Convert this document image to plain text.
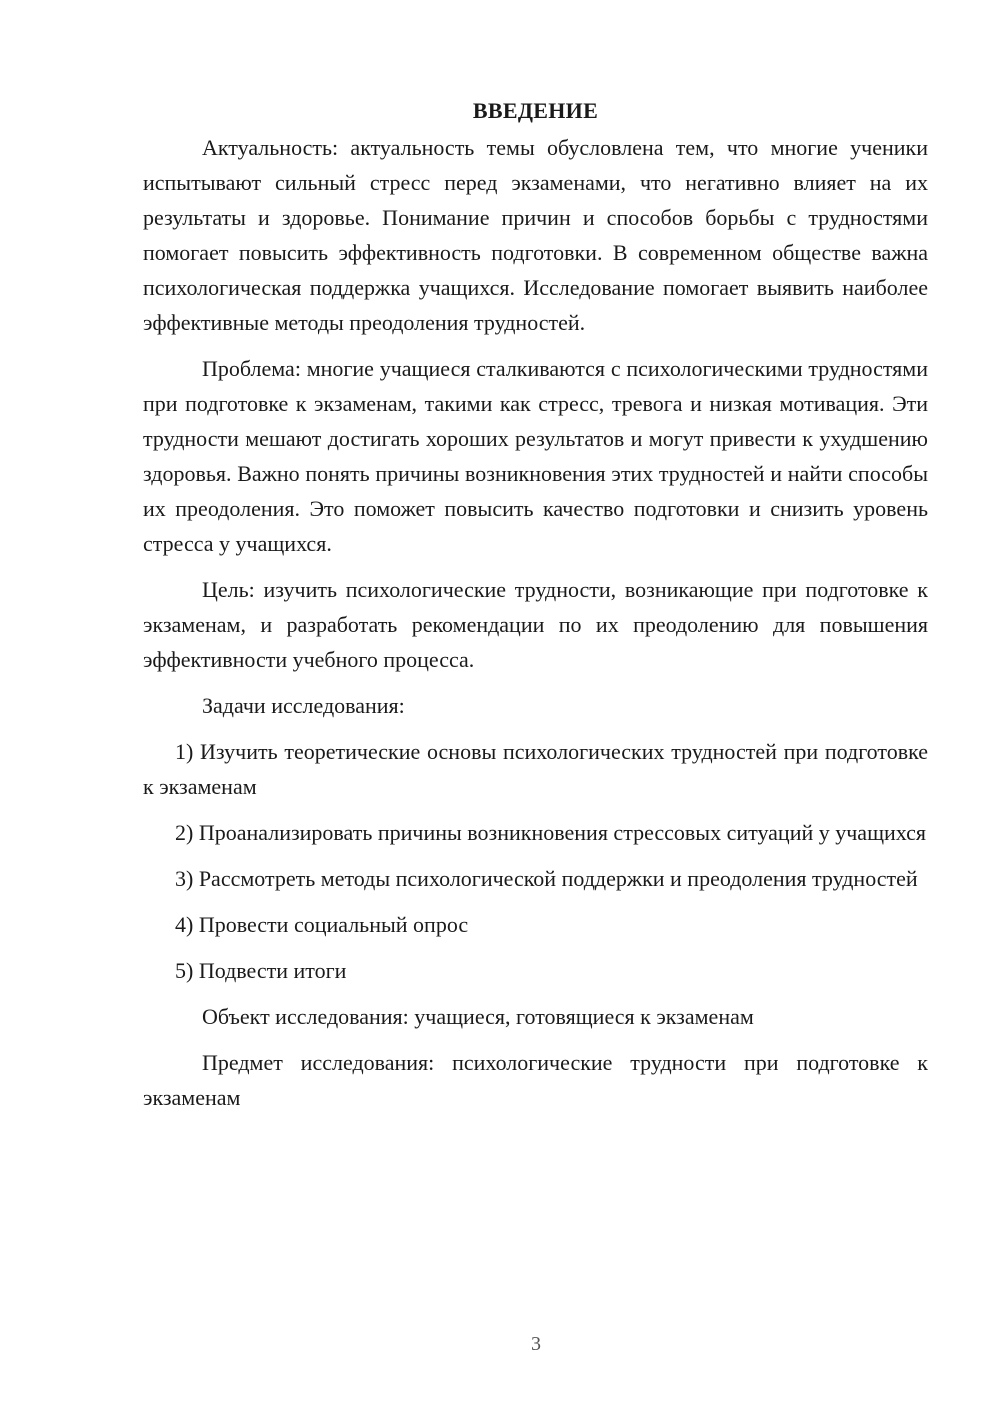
ВВЕДЕНИЕ

Актуальность: актуальность темы обусловлена тем, что многие ученики испытывают сильный стресс перед экзаменами, что негативно влияет на их результаты и здоровье. Понимание причин и способов борьбы с трудностями помогает повысить эффективность подготовки. В современном обществе важна психологическая поддержка учащихся. Исследование помогает выявить наиболее эффективные методы преодоления трудностей.

Проблема: многие учащиеся сталкиваются с психологическими трудностями при подготовке к экзаменам, такими как стресс, тревога и низкая мотивация. Эти трудности мешают достигать хороших результатов и могут привести к ухудшению здоровья. Важно понять причины возникновения этих трудностей и найти способы их преодоления. Это поможет повысить качество подготовки и снизить уровень стресса у учащихся.

Цель: изучить психологические трудности, возникающие при подготовке к экзаменам, и разработать рекомендации по их преодолению для повышения эффективности учебного процесса.

Задачи исследования:

1) Изучить теоретические основы психологических трудностей при подготовке к экзаменам

2) Проанализировать причины возникновения стрессовых ситуаций у учащихся

3) Рассмотреть методы психологической поддержки и преодоления трудностей

4) Провести социальный опрос

5) Подвести итоги

Объект исследования: учащиеся, готовящиеся к экзаменам

Предмет исследования: психологические трудности при подготовке к экзаменам

3
